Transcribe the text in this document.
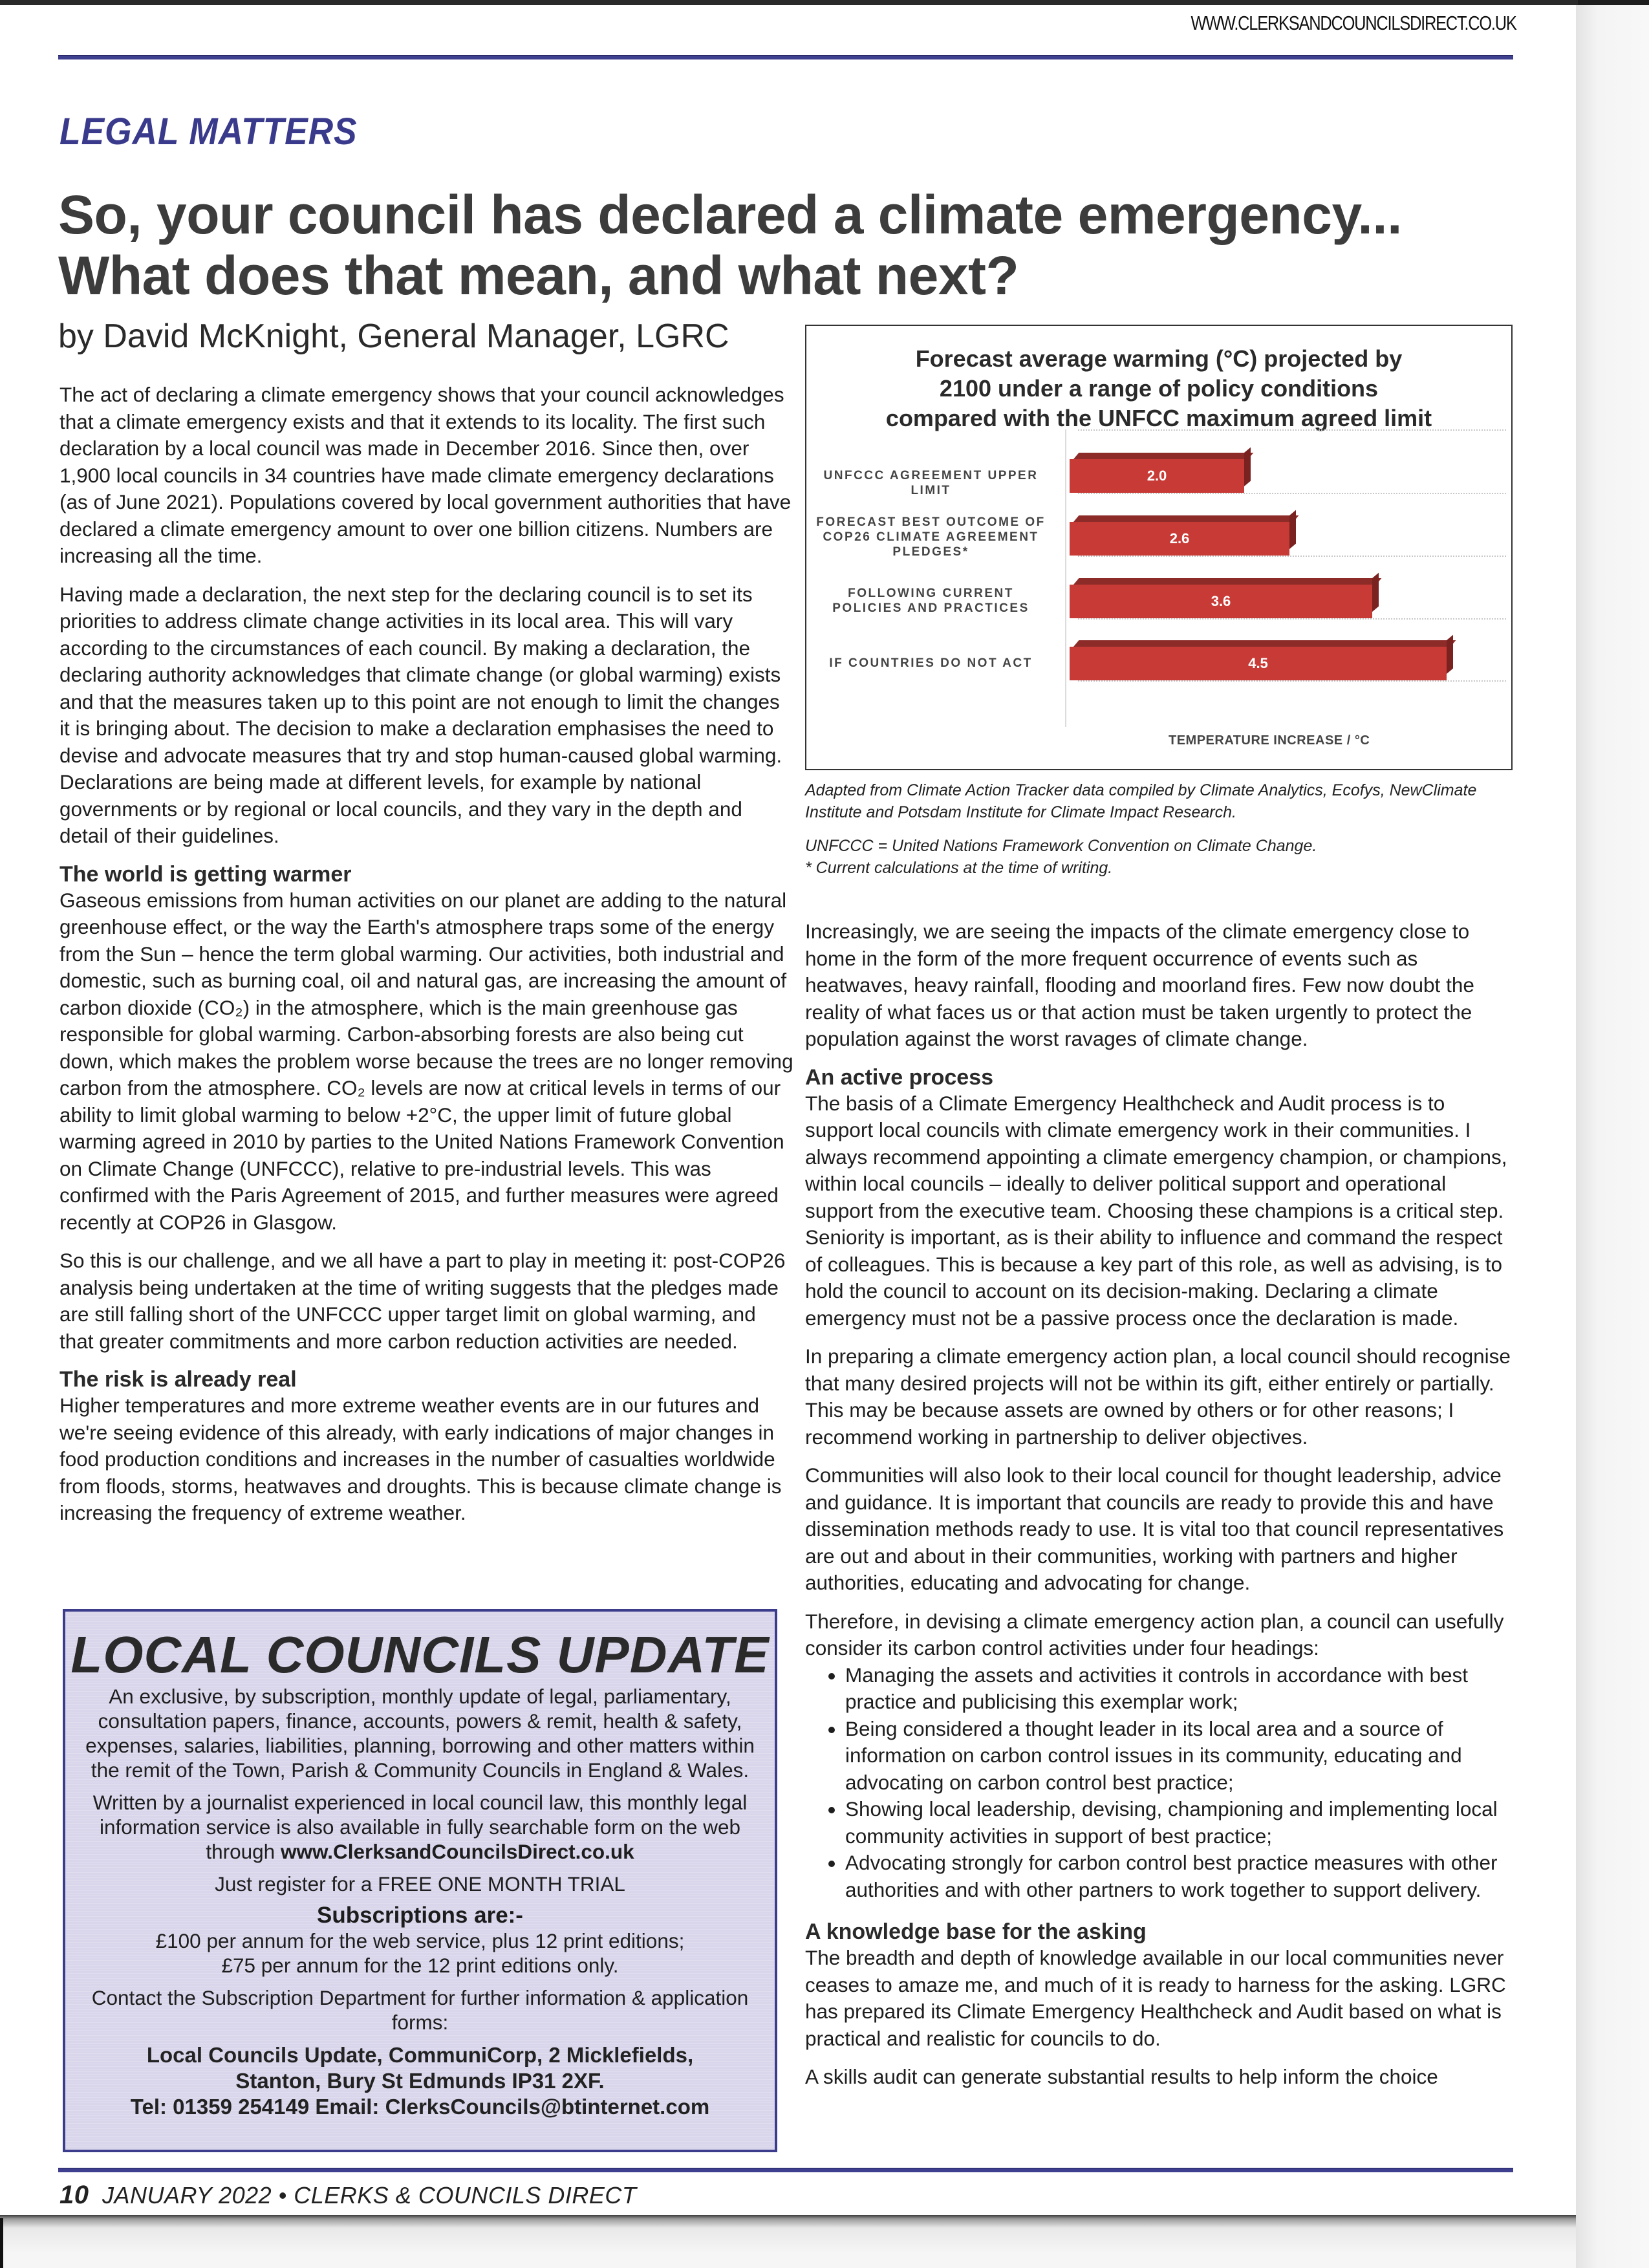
WWW.CLERKSANDCOUNCILSDIRECT.CO.UK
LEGAL MATTERS
So, your council has declared a climate emergency...
What does that mean, and what next?
by David McKnight, General Manager, LGRC

The act of declaring a climate emergency shows that your council acknowledges that a climate emergency exists and that it extends to its locality. The first such declaration by a local council was made in December 2016. Since then, over 1,900 local councils in 34 countries have made climate emergency declarations (as of June 2021). Populations covered by local government authorities that have declared a climate emergency amount to over one billion citizens. Numbers are increasing all the time.

Having made a declaration, the next step for the declaring council is to set its priorities to address climate change activities in its local area. This will vary according to the circumstances of each council. By making a declaration, the declaring authority acknowledges that climate change (or global warming) exists and that the measures taken up to this point are not enough to limit the changes it is bringing about. The decision to make a declaration emphasises the need to devise and advocate measures that try and stop human-caused global warming. Declarations are being made at different levels, for example by national governments or by regional or local councils, and they vary in the depth and detail of their guidelines.

The world is getting warmer

Gaseous emissions from human activities on our planet are adding to the natural greenhouse effect, or the way the Earth's atmosphere traps some of the energy from the Sun – hence the term global warming. Our activities, both industrial and domestic, such as burning coal, oil and natural gas, are increasing the amount of carbon dioxide (CO₂) in the atmosphere, which is the main greenhouse gas responsible for global warming. Carbon-absorbing forests are also being cut down, which makes the problem worse because the trees are no longer removing carbon from the atmosphere. CO₂ levels are now at critical levels in terms of our ability to limit global warming to below +2°C, the upper limit of future global warming agreed in 2010 by parties to the United Nations Framework Convention on Climate Change (UNFCCC), relative to pre-industrial levels. This was confirmed with the Paris Agreement of 2015, and further measures were agreed recently at COP26 in Glasgow.

So this is our challenge, and we all have a part to play in meeting it: post-COP26 analysis being undertaken at the time of writing suggests that the pledges made are still falling short of the UNFCCC upper target limit on global warming, and that greater commitments and more carbon reduction activities are needed.

The risk is already real

Higher temperatures and more extreme weather events are in our futures and we're seeing evidence of this already, with early indications of major changes in food production conditions and increases in the number of casualties worldwide from floods, storms, heatwaves and droughts. This is because climate change is increasing the frequency of extreme weather.

LOCAL COUNCILS UPDATE
An exclusive, by subscription, monthly update of legal, parliamentary, consultation papers, finance, accounts, powers & remit, health & safety, expenses, salaries, liabilities, planning, borrowing and other matters within the remit of the Town, Parish & Community Councils in England & Wales.
Written by a journalist experienced in local council law, this monthly legal information service is also available in fully searchable form on the web through www.ClerksandCouncilsDirect.co.uk
Just register for a FREE ONE MONTH TRIAL
Subscriptions are:-
£100 per annum for the web service, plus 12 print editions;
£75 per annum for the 12 print editions only.
Contact the Subscription Department for further information & application forms:
Local Councils Update, CommuniCorp, 2 Micklefields,
Stanton, Bury St Edmunds IP31 2XF.
Tel: 01359 254149 Email: ClerksCouncils@btinternet.com
Forecast average warming (°C) projected by
2100 under a range of policy conditions
compared with the UNFCC maximum agreed limit
UNFCCC AGREEMENT UPPER LIMIT
2.0
FORECAST BEST OUTCOME OF COP26 CLIMATE AGREEMENT PLEDGES*
2.6
FOLLOWING CURRENT POLICIES AND PRACTICES	3.6
IF COUNTRIES DO NOT ACT	4.5
TEMPERATURE INCREASE / °C

Adapted from Climate Action Tracker data compiled by Climate Analytics, Ecofys, NewClimate Institute and Potsdam Institute for Climate Impact Research.

UNFCCC = United Nations Framework Convention on Climate Change.

* Current calculations at the time of writing.

Increasingly, we are seeing the impacts of the climate emergency close to home in the form of the more frequent occurrence of events such as heatwaves, heavy rainfall, flooding and moorland fires. Few now doubt the reality of what faces us or that action must be taken urgently to protect the population against the worst ravages of climate change.

An active process

The basis of a Climate Emergency Healthcheck and Audit process is to support local councils with climate emergency work in their communities. I always recommend appointing a climate emergency champion, or champions, within local councils – ideally to deliver political support and operational support from the executive team. Choosing these champions is a critical step. Seniority is important, as is their ability to influence and command the respect of colleagues. This is because a key part of this role, as well as advising, is to hold the council to account on its decision-making. Declaring a climate emergency must not be a passive process once the declaration is made.

In preparing a climate emergency action plan, a local council should recognise that many desired projects will not be within its gift, either entirely or partially. This may be because assets are owned by others or for other reasons; I recommend working in partnership to deliver objectives.

Communities will also look to their local council for thought leadership, advice and guidance. It is important that councils are ready to provide this and have dissemination methods ready to use. It is vital too that council representatives are out and about in their communities, working with partners and higher authorities, educating and advocating for change.

Therefore, in devising a climate emergency action plan, a council can usefully consider its carbon control activities under four headings:

• Managing the assets and activities it controls in accordance with best practice and publicising this exemplar work;
• Being considered a thought leader in its local area and a source of information on carbon control issues in its community, educating and advocating on carbon control best practice;
• Showing local leadership, devising, championing and implementing local community activities in support of best practice;
• Advocating strongly for carbon control best practice measures with other authorities and with other partners to work together to support delivery.
A knowledge base for the asking

The breadth and depth of knowledge available in our local communities never ceases to amaze me, and much of it is ready to harness for the asking. LGRC has prepared its Climate Emergency Healthcheck and Audit based on what is practical and realistic for councils to do.

A skills audit can generate substantial results to help inform the choice

10 JANUARY 2022 • CLERKS & COUNCILS DIRECT
